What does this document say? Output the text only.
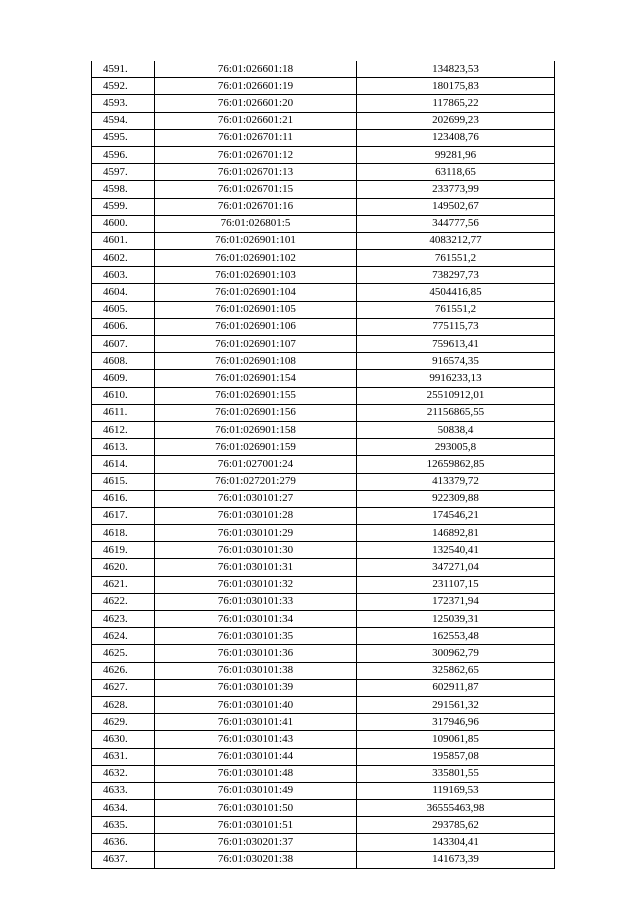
4591.	76:01:026601:18	134823,53
4592.	76:01:026601:19	180175,83
4593.	76:01:026601:20	117865,22
4594.	76:01:026601:21	202699,23
4595.	76:01:026701:11	123408,76
4596.	76:01:026701:12	99281,96
4597.	76:01:026701:13	63118,65
4598.	76:01:026701:15	233773,99
4599.	76:01:026701:16	149502,67
4600.	76:01:026801:5	344777,56
4601.	76:01:026901:101	4083212,77
4602.	76:01:026901:102	761551,2
4603.	76:01:026901:103	738297,73
4604.	76:01:026901:104	4504416,85
4605.	76:01:026901:105	761551,2
4606.	76:01:026901:106	775115,73
4607.	76:01:026901:107	759613,41
4608.	76:01:026901:108	916574,35
4609.	76:01:026901:154	9916233,13
4610.	76:01:026901:155	25510912,01
4611.	76:01:026901:156	21156865,55
4612.	76:01:026901:158	50838,4
4613.	76:01:026901:159	293005,8
4614.	76:01:027001:24	12659862,85
4615.	76:01:027201:279	413379,72
4616.	76:01:030101:27	922309,88
4617.	76:01:030101:28	174546,21
4618.	76:01:030101:29	146892,81
4619.	76:01:030101:30	132540,41
4620.	76:01:030101:31	347271,04
4621.	76:01:030101:32	231107,15
4622.	76:01:030101:33	172371,94
4623.	76:01:030101:34	125039,31
4624.	76:01:030101:35	162553,48
4625.	76:01:030101:36	300962,79
4626.	76:01:030101:38	325862,65
4627.	76:01:030101:39	602911,87
4628.	76:01:030101:40	291561,32
4629.	76:01:030101:41	317946,96
4630.	76:01:030101:43	109061,85
4631.	76:01:030101:44	195857,08
4632.	76:01:030101:48	335801,55
4633.	76:01:030101:49	119169,53
4634.	76:01:030101:50	36555463,98
4635.	76:01:030101:51	293785,62
4636.	76:01:030201:37	143304,41
4637.	76:01:030201:38	141673,39
